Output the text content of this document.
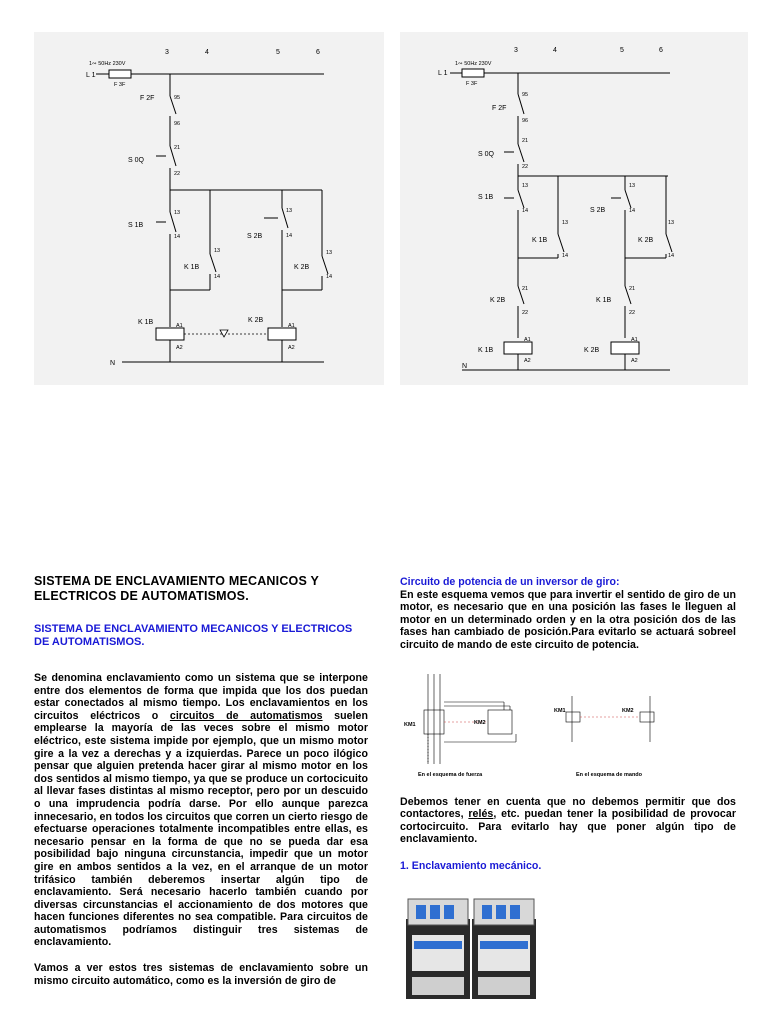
1∾ 50Hz 230V
L 1
3	4	5	6
F 3F
F 2F	95
96
S 0Q
21
22
S 1B
13
14
13
14
K 1B
S 2B
13
14
13
14
K 2B
K 1B	A1
A2
K 2B
A1
A2
N
1∾ 50Hz 230V
L 1
3	4	5	6
F 3F
F 2F
95
96
S 0Q
21
22
S 1B
13
14
13
14
K 1B
S 2B
13
14
13
14
K 2B
K 2B
21
22
K 1B
21
22
K 1B
A1
A2
K 2B
A1
A2
N
SISTEMA DE ENCLAVAMIENTO MECANICOS Y ELECTRICOS DE AUTOMATISMOS.
SISTEMA DE ENCLAVAMIENTO MECANICOS Y ELECTRICOS DE AUTOMATISMOS.

Se denomina enclavamiento como un sistema que se interpone entre dos elementos de forma que impida que los dos puedan estar conectados al mismo tiempo. Los enclavamientos en los circuitos eléctricos o circuitos de automatismos suelen emplearse la mayoría de las veces sobre el mismo motor eléctrico, este sistema impide por ejemplo, que un mismo motor gire a la vez a derechas y a izquierdas. Parece un poco ilógico pensar que alguien pretenda hacer girar al mismo motor en los dos sentidos al mismo tiempo, ya que se produce un cortocicuito al llevar fases distintas al mismo receptor, pero por un descuido o una imprudencia podría darse. Por ello aunque parezca innecesario, en todos los circuitos que corren un cierto riesgo de efectuarse operaciones totalmente incompatibles entre ellas, es necesario pensar en la forma de que no se pueda dar esa posibilidad bajo ninguna circunstancia, impedir que un motor gire en ambos sentidos a la vez, en el arranque de un motor trifásico también deberemos insertar algún tipo de enclavamiento. Será necesario hacerlo también cuando por diversas circunstancias el accionamiento de dos motores que hacen funciones diferentes no sea compatible. Para circuitos de automatismos podríamos distinguir tres sistemas de enclavamiento.

Vamos a ver estos tres sistemas de enclavamiento sobre un mismo circuito automático, como es la inversión de giro de

Circuito de potencia de un inversor de giro:

En este esquema vemos que para invertir el sentido de giro de un motor, es necesario que en una posición las fases le lleguen al motor en un determinado orden y en la otra posición dos de las fases han cambiado de posición.Para evitarlo se actuará sobreel circuito de mando de este circuito de potencia.

KM1	KM2
KM1	KM2
En el esquema de fuerza	En el esquema de mando

Debemos tener en cuenta que no debemos permitir que dos contactores, relés, etc. puedan tener la posibilidad de provocar cortocircuito. Para evitarlo hay que poner algún tipo de enclavamiento.

1. Enclavamiento mecánico.
